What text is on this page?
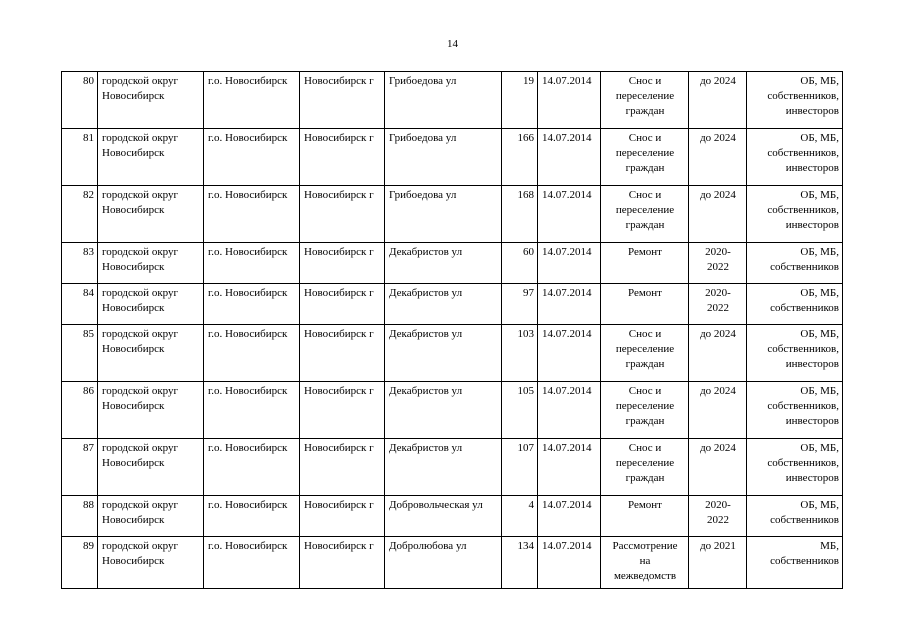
14
80	городской округ Новосибирск	г.о. Новосибирск	Новосибирск г	Грибоедова ул	19	14.07.2014	Снос и
переселение
граждан	до 2024	ОБ, МБ,
собственников,
инвесторов

81	городской округ Новосибирск	г.о. Новосибирск	Новосибирск г	Грибоедова ул	166	14.07.2014	Снос и
переселение
граждан	до 2024	ОБ, МБ,
собственников,
инвесторов

82	городской округ Новосибирск	г.о. Новосибирск	Новосибирск г	Грибоедова ул	168	14.07.2014	Снос и
переселение
граждан	до 2024	ОБ, МБ,
собственников,
инвесторов

83	городской округ Новосибирск	г.о. Новосибирск	Новосибирск г	Декабристов ул	60	14.07.2014	Ремонт	2020-
2022	ОБ, МБ,
собственников

84	городской округ Новосибирск	г.о. Новосибирск	Новосибирск г	Декабристов ул	97	14.07.2014	Ремонт	2020-
2022	ОБ, МБ,
собственников

85	городской округ Новосибирск	г.о. Новосибирск	Новосибирск г	Декабристов ул	103	14.07.2014	Снос и
переселение
граждан	до 2024	ОБ, МБ,
собственников,
инвесторов

86	городской округ Новосибирск	г.о. Новосибирск	Новосибирск г	Декабристов ул	105	14.07.2014	Снос и
переселение
граждан	до 2024	ОБ, МБ,
собственников,
инвесторов

87	городской округ Новосибирск	г.о. Новосибирск	Новосибирск г	Декабристов ул	107	14.07.2014	Снос и
переселение
граждан	до 2024	ОБ, МБ,
собственников,
инвесторов

88	городской округ Новосибирск	г.о. Новосибирск	Новосибирск г	Добровольческая ул	4	14.07.2014	Ремонт	2020-
2022	ОБ, МБ,
собственников

89	городской округ Новосибирск	г.о. Новосибирск	Новосибирск г	Добролюбова ул	134	14.07.2014	Рассмотрение
на
межведомств	до 2021	МБ,
собственников
